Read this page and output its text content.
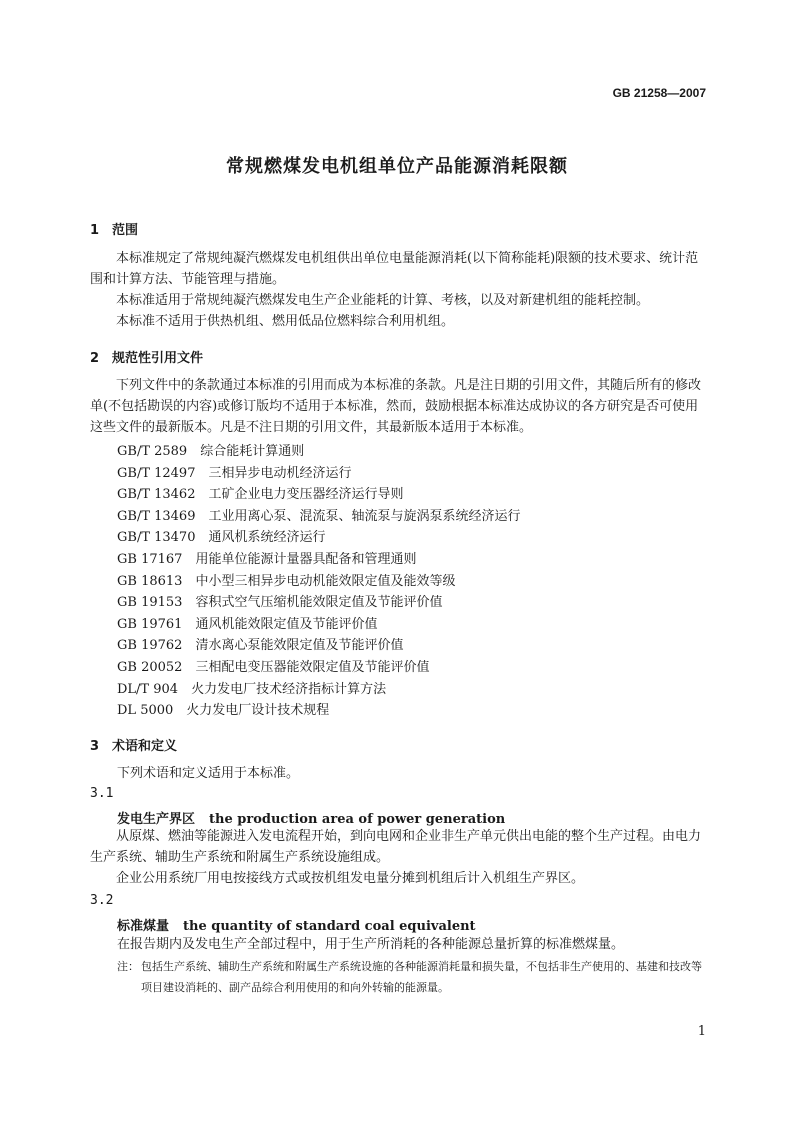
GB 21258—2007
常规燃煤发电机组单位产品能源消耗限额
1 范围

本标准规定了常规纯凝汽燃煤发电机组供出单位电量能源消耗(以下简称能耗)限额的技术要求、统计范围和计算方法、节能管理与措施。

本标准适用于常规纯凝汽燃煤发电生产企业能耗的计算、考核，以及对新建机组的能耗控制。

本标准不适用于供热机组、燃用低品位燃料综合利用机组。

2 规范性引用文件

下列文件中的条款通过本标准的引用而成为本标准的条款。凡是注日期的引用文件，其随后所有的修改单(不包括勘误的内容)或修订版均不适用于本标准，然而，鼓励根据本标准达成协议的各方研究是否可使用这些文件的最新版本。凡是不注日期的引用文件，其最新版本适用于本标准。

GB/T 2589　 综合能耗计算通则
GB/T 12497　 三相异步电动机经济运行
GB/T 13462　 工矿企业电力变压器经济运行导则
GB/T 13469　 工业用离心泵、混流泵、轴流泵与旋涡泵系统经济运行
GB/T 13470　 通风机系统经济运行
GB 17167　 用能单位能源计量器具配备和管理通则
GB 18613　 中小型三相异步电动机能效限定值及能效等级
GB 19153　 容积式空气压缩机能效限定值及节能评价值
GB 19761　 通风机能效限定值及节能评价值
GB 19762　 清水离心泵能效限定值及节能评价值
GB 20052　 三相配电变压器能效限定值及节能评价值
DL/T 904　 火力发电厂技术经济指标计算方法
DL 5000　 火力发电厂设计技术规程
3 术语和定义
下列术语和定义适用于本标准。
3.1
发电生产界区 the production area of power generation

从原煤、燃油等能源进入发电流程开始，到向电网和企业非生产单元供出电能的整个生产过程。由电力生产系统、辅助生产系统和附属生产系统设施组成。

企业公用系统厂用电按接线方式或按机组发电量分摊到机组后计入机组生产界区。

3.2
标准煤量 the quantity of standard coal equivalent
在报告期内及发电生产全部过程中，用于生产所消耗的各种能源总量折算的标准燃煤量。
注： 包括生产系统、辅助生产系统和附属生产系统设施的各种能源消耗量和损失量，不包括非生产使用的、基建和技改等项目建设消耗的、副产品综合利用使用的和向外转输的能源量。
1
